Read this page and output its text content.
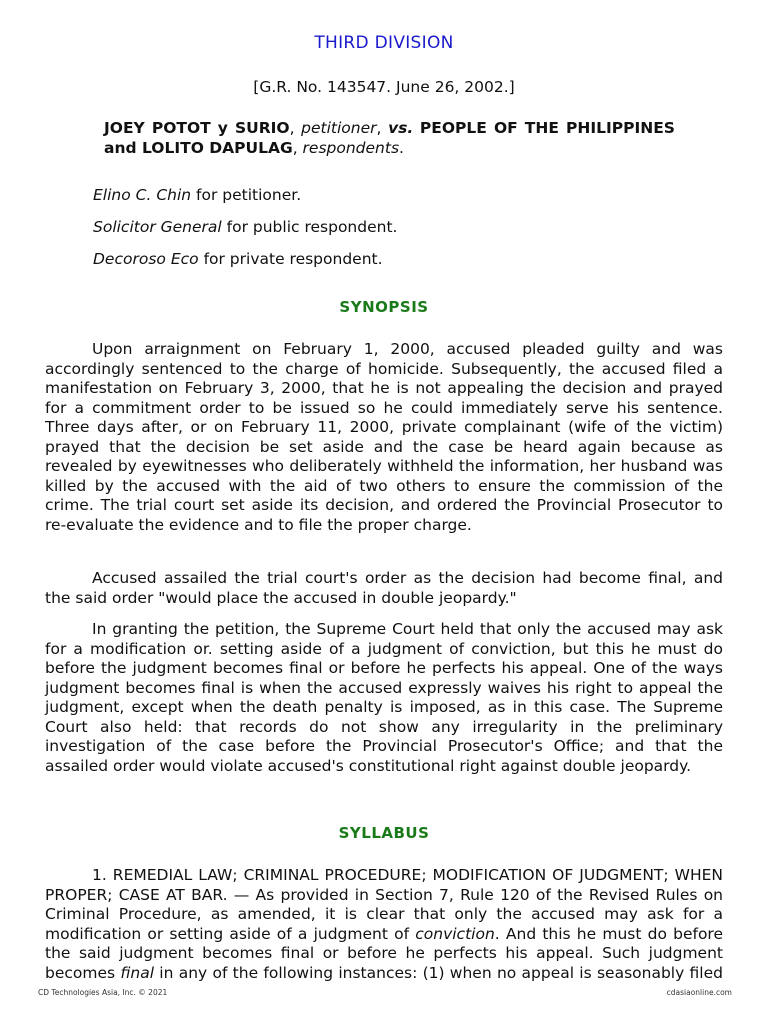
THIRD DIVISION
[G.R. No. 143547. June 26, 2002.]
JOEY POTOT y SURIO, petitioner, vs. PEOPLE OF THE PHILIPPINES and LOLITO DAPULAG, respondents.
Elino C. Chin for petitioner.
Solicitor General for public respondent.
Decoroso Eco for private respondent.
SYNOPSIS
Upon arraignment on February 1, 2000, accused pleaded guilty and was accordingly sentenced to the charge of homicide. Subsequently, the accused filed a manifestation on February 3, 2000, that he is not appealing the decision and prayed for a commitment order to be issued so he could immediately serve his sentence. Three days after, or on February 11, 2000, private complainant (wife of the victim) prayed that the decision be set aside and the case be heard again because as revealed by eyewitnesses who deliberately withheld the information, her husband was killed by the accused with the aid of two others to ensure the commission of the crime. The trial court set aside its decision, and ordered the Provincial Prosecutor to re-evaluate the evidence and to file the proper charge.
Accused assailed the trial court's order as the decision had become final, and the said order "would place the accused in double jeopardy."
In granting the petition, the Supreme Court held that only the accused may ask for a modification or. setting aside of a judgment of conviction, but this he must do before the judgment becomes final or before he perfects his appeal. One of the ways judgment becomes final is when the accused expressly waives his right to appeal the judgment, except when the death penalty is imposed, as in this case. The Supreme Court also held: that records do not show any irregularity in the preliminary investigation of the case before the Provincial Prosecutor's Office; and that the assailed order would violate accused's constitutional right against double jeopardy.
SYLLABUS
1. REMEDIAL LAW; CRIMINAL PROCEDURE; MODIFICATION OF JUDGMENT; WHEN PROPER; CASE AT BAR. — As provided in Section 7, Rule 120 of the Revised Rules on Criminal Procedure, as amended, it is clear that only the accused may ask for a modification or setting aside of a judgment of conviction. And this he must do before the said judgment becomes final or before he perfects his appeal. Such judgment becomes final in any of the following instances: (1) when no appeal is seasonably filed
CD Technologies Asia, Inc. © 2021	cdasiaonline.com
